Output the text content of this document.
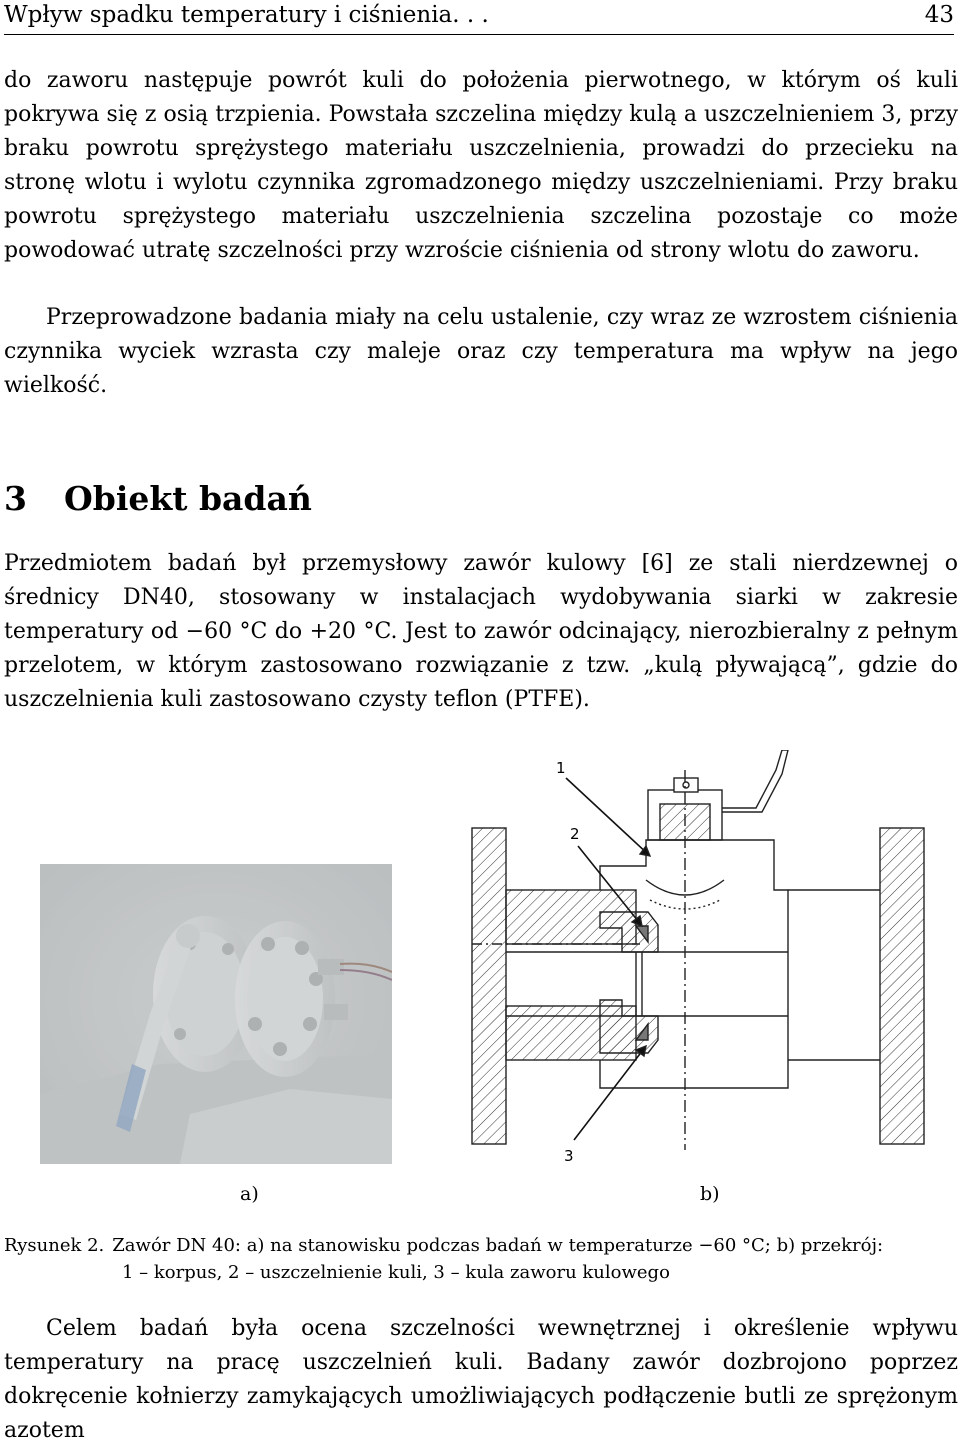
Wpływ spadku temperatury i ciśnienia. . .	43

do zaworu następuje powrót kuli do położenia pierwotnego, w którym oś kuli pokrywa się z osią trzpienia. Powstała szczelina między kulą a uszczelnieniem 3, przy braku powrotu sprężystego materiału uszczelnienia, prowadzi do przecieku na stronę wlotu i wylotu czynnika zgromadzonego między uszczelnieniami. Przy braku powrotu sprężystego materiału uszczelnienia szczelina pozostaje co może powodować utratę szczelności przy wzroście ciśnienia od strony wlotu do zaworu.

Przeprowadzone badania miały na celu ustalenie, czy wraz ze wzrostem ciśnienia czynnika wyciek wzrasta czy maleje oraz czy temperatura ma wpływ na jego wielkość.

3 Obiekt badań

Przedmiotem badań był przemysłowy zawór kulowy [6] ze stali nierdzewnej o średnicy DN40, stosowany w instalacjach wydobywania siarki w zakresie temperatury od −60 °C do +20 °C. Jest to zawór odcinający, nierozbieralny z pełnym przelotem, w którym zastosowano rozwiązanie z tzw. „kulą pływającą”, gdzie do uszczelnienia kuli zastosowano czysty teflon (PTFE).

a)
1
2
3
b)
Rysunek 2. Zawór DN 40: a) na stanowisku podczas badań w temperaturze −60 °C; b) przekrój:
1 – korpus, 2 – uszczelnienie kuli, 3 – kula zaworu kulowego

Celem badań była ocena szczelności wewnętrznej i określenie wpływu temperatury na pracę uszczelnień kuli. Badany zawór dozbrojono poprzez dokręcenie kołnierzy zamykających umożliwiających podłączenie butli ze sprężonym azotem
